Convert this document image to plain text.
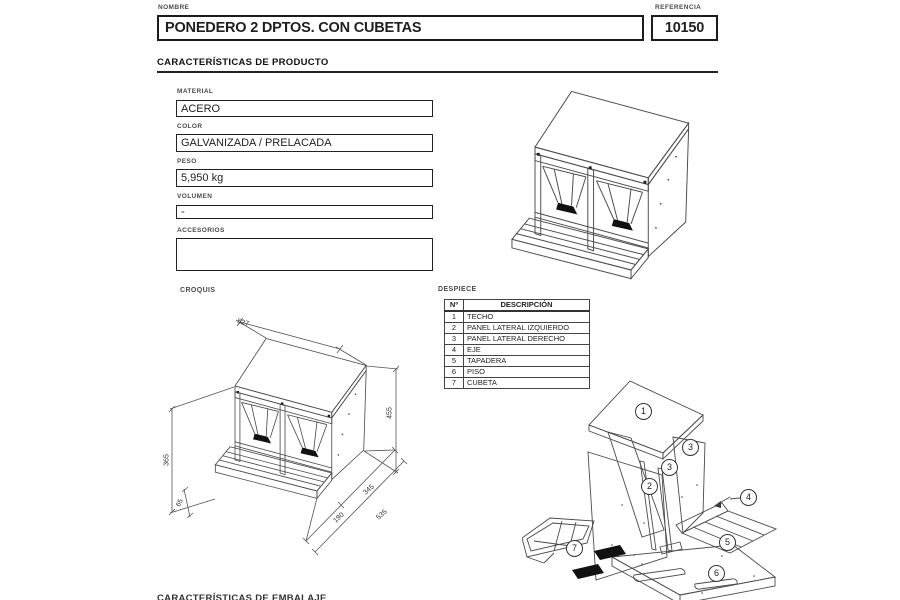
NOMBRE
PONEDERO 2 DPTOS. CON CUBETAS
REFERENCIA
10150
CARACTERÍSTICAS DE PRODUCTO
MATERIAL
ACERO
COLOR
GALVANIZADA / PRELACADA
PESO
5,950 kg
VOLUMEN
-
ACCESORIOS
CROQUIS
527
455
365
65
190
345
535
DESPIECE
Nº	DESCRIPCIÓN
1	TECHO
2	PANEL LATERAL IZQUIERDO
3	PANEL LATERAL DERECHO
4	EJE
5	TAPADERA
6	PISO
7	CUBETA
1
3
3
2
4
5
7
6
CARACTERÍSTICAS DE EMBALAJE
